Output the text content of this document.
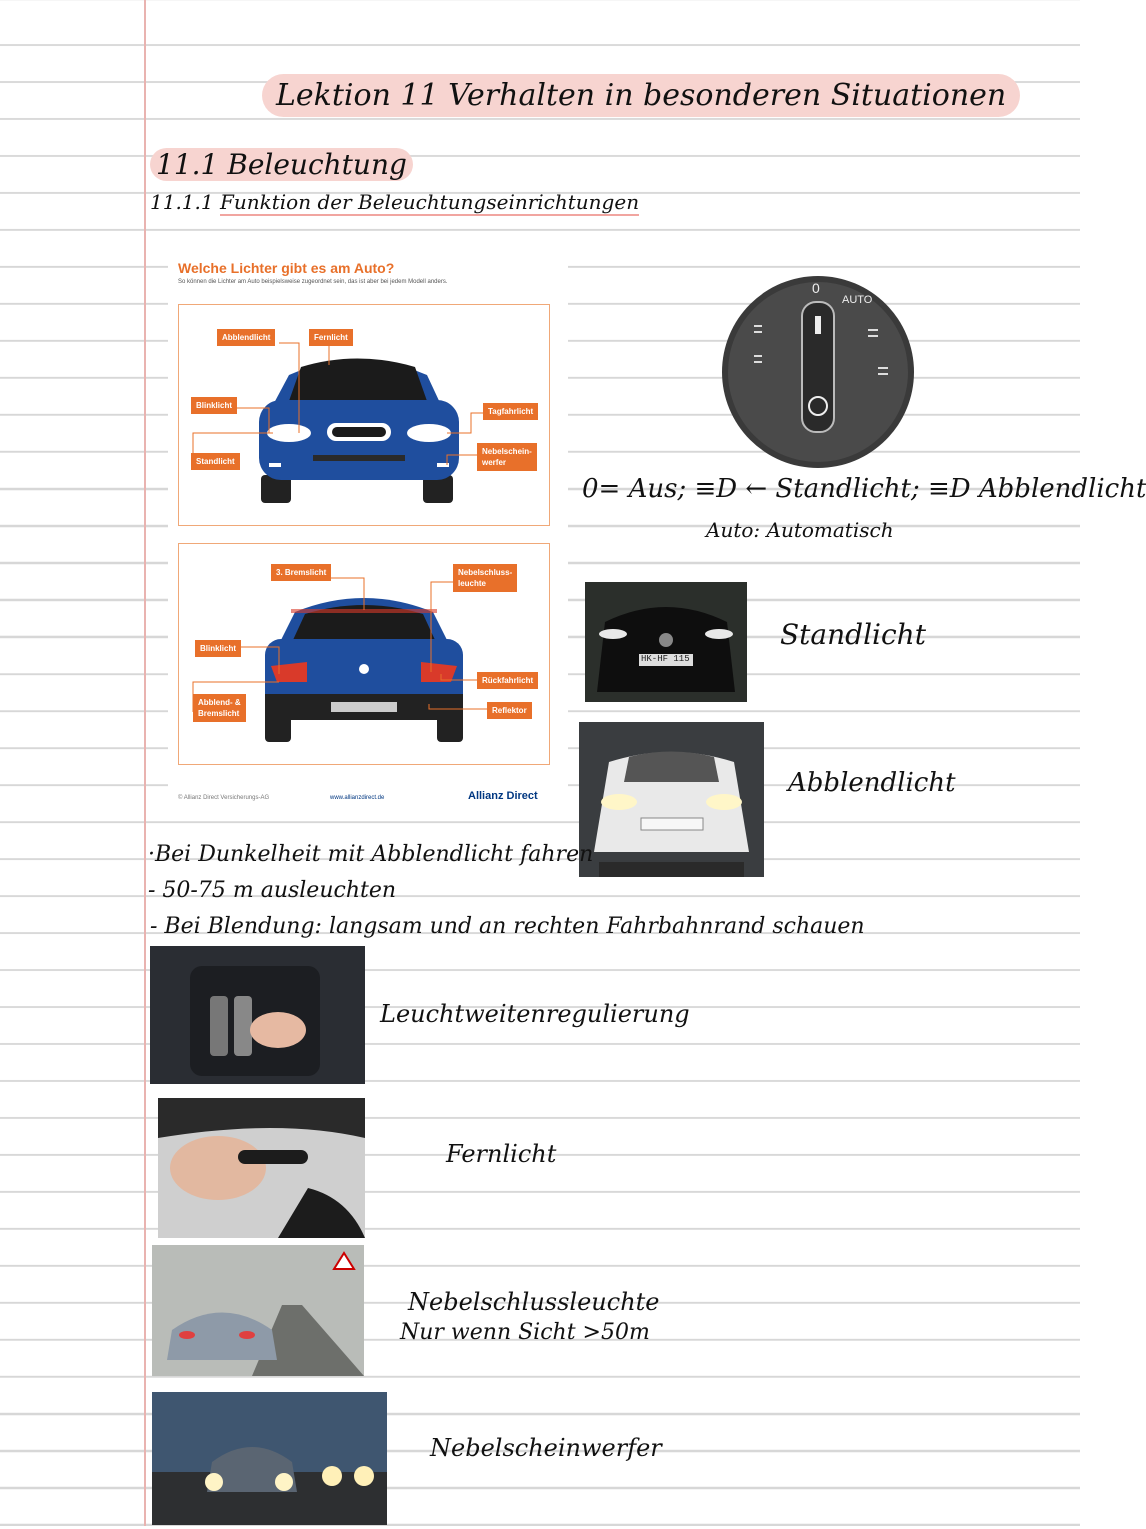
Lektion 11 Verhalten in besonderen Situationen
11.1 Beleuchtung
11.1.1 Funktion der Beleuchtungseinrichtungen
Welche Lichter gibt es am Auto?
So können die Lichter am Auto beispielsweise zugeordnet sein, das ist aber bei jedem Modell anders.
Abblendlicht	Fernlicht
Blinklicht
Tagfahrlicht
Standlicht
Nebelschein-
werfer
3. Bremslicht	Nebelschluss-
leuchte
Blinklicht
Rückfahrlicht
Abblend- &
Bremslicht	Reflektor
© Allianz Direct Versicherungs-AG	www.allianzdirect.de	Allianz Direct
0
AUTO
0= Aus; ≡D ← Standlicht; ≡D Abblendlicht
Auto: Automatisch
HK-HF 115
Standlicht
Abblendlicht
·Bei Dunkelheit mit Abblendlicht fahren
- 50-75 m ausleuchten
- Bei Blendung: langsam und an rechten Fahrbahnrand schauen
Leuchtweitenregulierung
Fernlicht
Nebelschlussleuchte
Nur wenn Sicht >50m
Nebelscheinwerfer
